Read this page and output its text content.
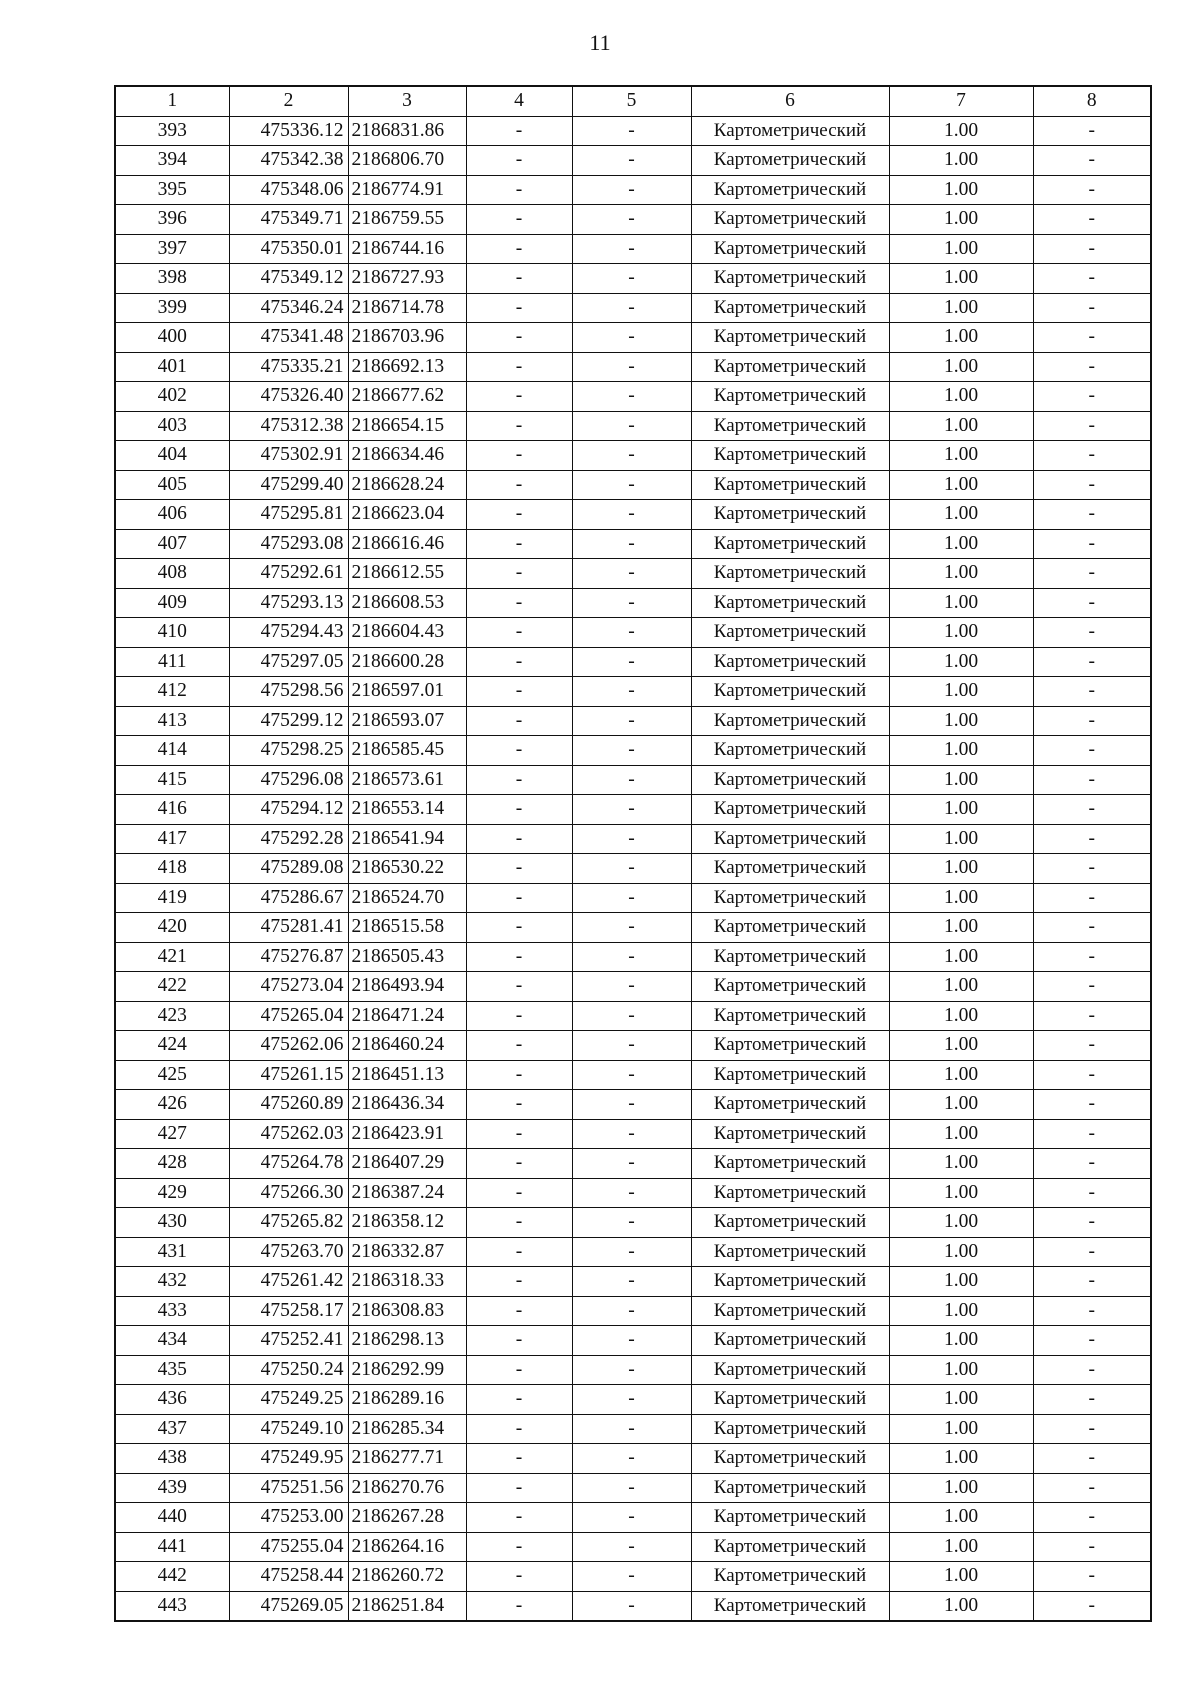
11
1	2	3	4	5	6	7	8
393	475336.12	2186831.86	-	-	Картометрический	1.00	-
394	475342.38	2186806.70	-	-	Картометрический	1.00	-
395	475348.06	2186774.91	-	-	Картометрический	1.00	-
396	475349.71	2186759.55	-	-	Картометрический	1.00	-
397	475350.01	2186744.16	-	-	Картометрический	1.00	-
398	475349.12	2186727.93	-	-	Картометрический	1.00	-
399	475346.24	2186714.78	-	-	Картометрический	1.00	-
400	475341.48	2186703.96	-	-	Картометрический	1.00	-
401	475335.21	2186692.13	-	-	Картометрический	1.00	-
402	475326.40	2186677.62	-	-	Картометрический	1.00	-
403	475312.38	2186654.15	-	-	Картометрический	1.00	-
404	475302.91	2186634.46	-	-	Картометрический	1.00	-
405	475299.40	2186628.24	-	-	Картометрический	1.00	-
406	475295.81	2186623.04	-	-	Картометрический	1.00	-
407	475293.08	2186616.46	-	-	Картометрический	1.00	-
408	475292.61	2186612.55	-	-	Картометрический	1.00	-
409	475293.13	2186608.53	-	-	Картометрический	1.00	-
410	475294.43	2186604.43	-	-	Картометрический	1.00	-
411	475297.05	2186600.28	-	-	Картометрический	1.00	-
412	475298.56	2186597.01	-	-	Картометрический	1.00	-
413	475299.12	2186593.07	-	-	Картометрический	1.00	-
414	475298.25	2186585.45	-	-	Картометрический	1.00	-
415	475296.08	2186573.61	-	-	Картометрический	1.00	-
416	475294.12	2186553.14	-	-	Картометрический	1.00	-
417	475292.28	2186541.94	-	-	Картометрический	1.00	-
418	475289.08	2186530.22	-	-	Картометрический	1.00	-
419	475286.67	2186524.70	-	-	Картометрический	1.00	-
420	475281.41	2186515.58	-	-	Картометрический	1.00	-
421	475276.87	2186505.43	-	-	Картометрический	1.00	-
422	475273.04	2186493.94	-	-	Картометрический	1.00	-
423	475265.04	2186471.24	-	-	Картометрический	1.00	-
424	475262.06	2186460.24	-	-	Картометрический	1.00	-
425	475261.15	2186451.13	-	-	Картометрический	1.00	-
426	475260.89	2186436.34	-	-	Картометрический	1.00	-
427	475262.03	2186423.91	-	-	Картометрический	1.00	-
428	475264.78	2186407.29	-	-	Картометрический	1.00	-
429	475266.30	2186387.24	-	-	Картометрический	1.00	-
430	475265.82	2186358.12	-	-	Картометрический	1.00	-
431	475263.70	2186332.87	-	-	Картометрический	1.00	-
432	475261.42	2186318.33	-	-	Картометрический	1.00	-
433	475258.17	2186308.83	-	-	Картометрический	1.00	-
434	475252.41	2186298.13	-	-	Картометрический	1.00	-
435	475250.24	2186292.99	-	-	Картометрический	1.00	-
436	475249.25	2186289.16	-	-	Картометрический	1.00	-
437	475249.10	2186285.34	-	-	Картометрический	1.00	-
438	475249.95	2186277.71	-	-	Картометрический	1.00	-
439	475251.56	2186270.76	-	-	Картометрический	1.00	-
440	475253.00	2186267.28	-	-	Картометрический	1.00	-
441	475255.04	2186264.16	-	-	Картометрический	1.00	-
442	475258.44	2186260.72	-	-	Картометрический	1.00	-
443	475269.05	2186251.84	-	-	Картометрический	1.00	-
